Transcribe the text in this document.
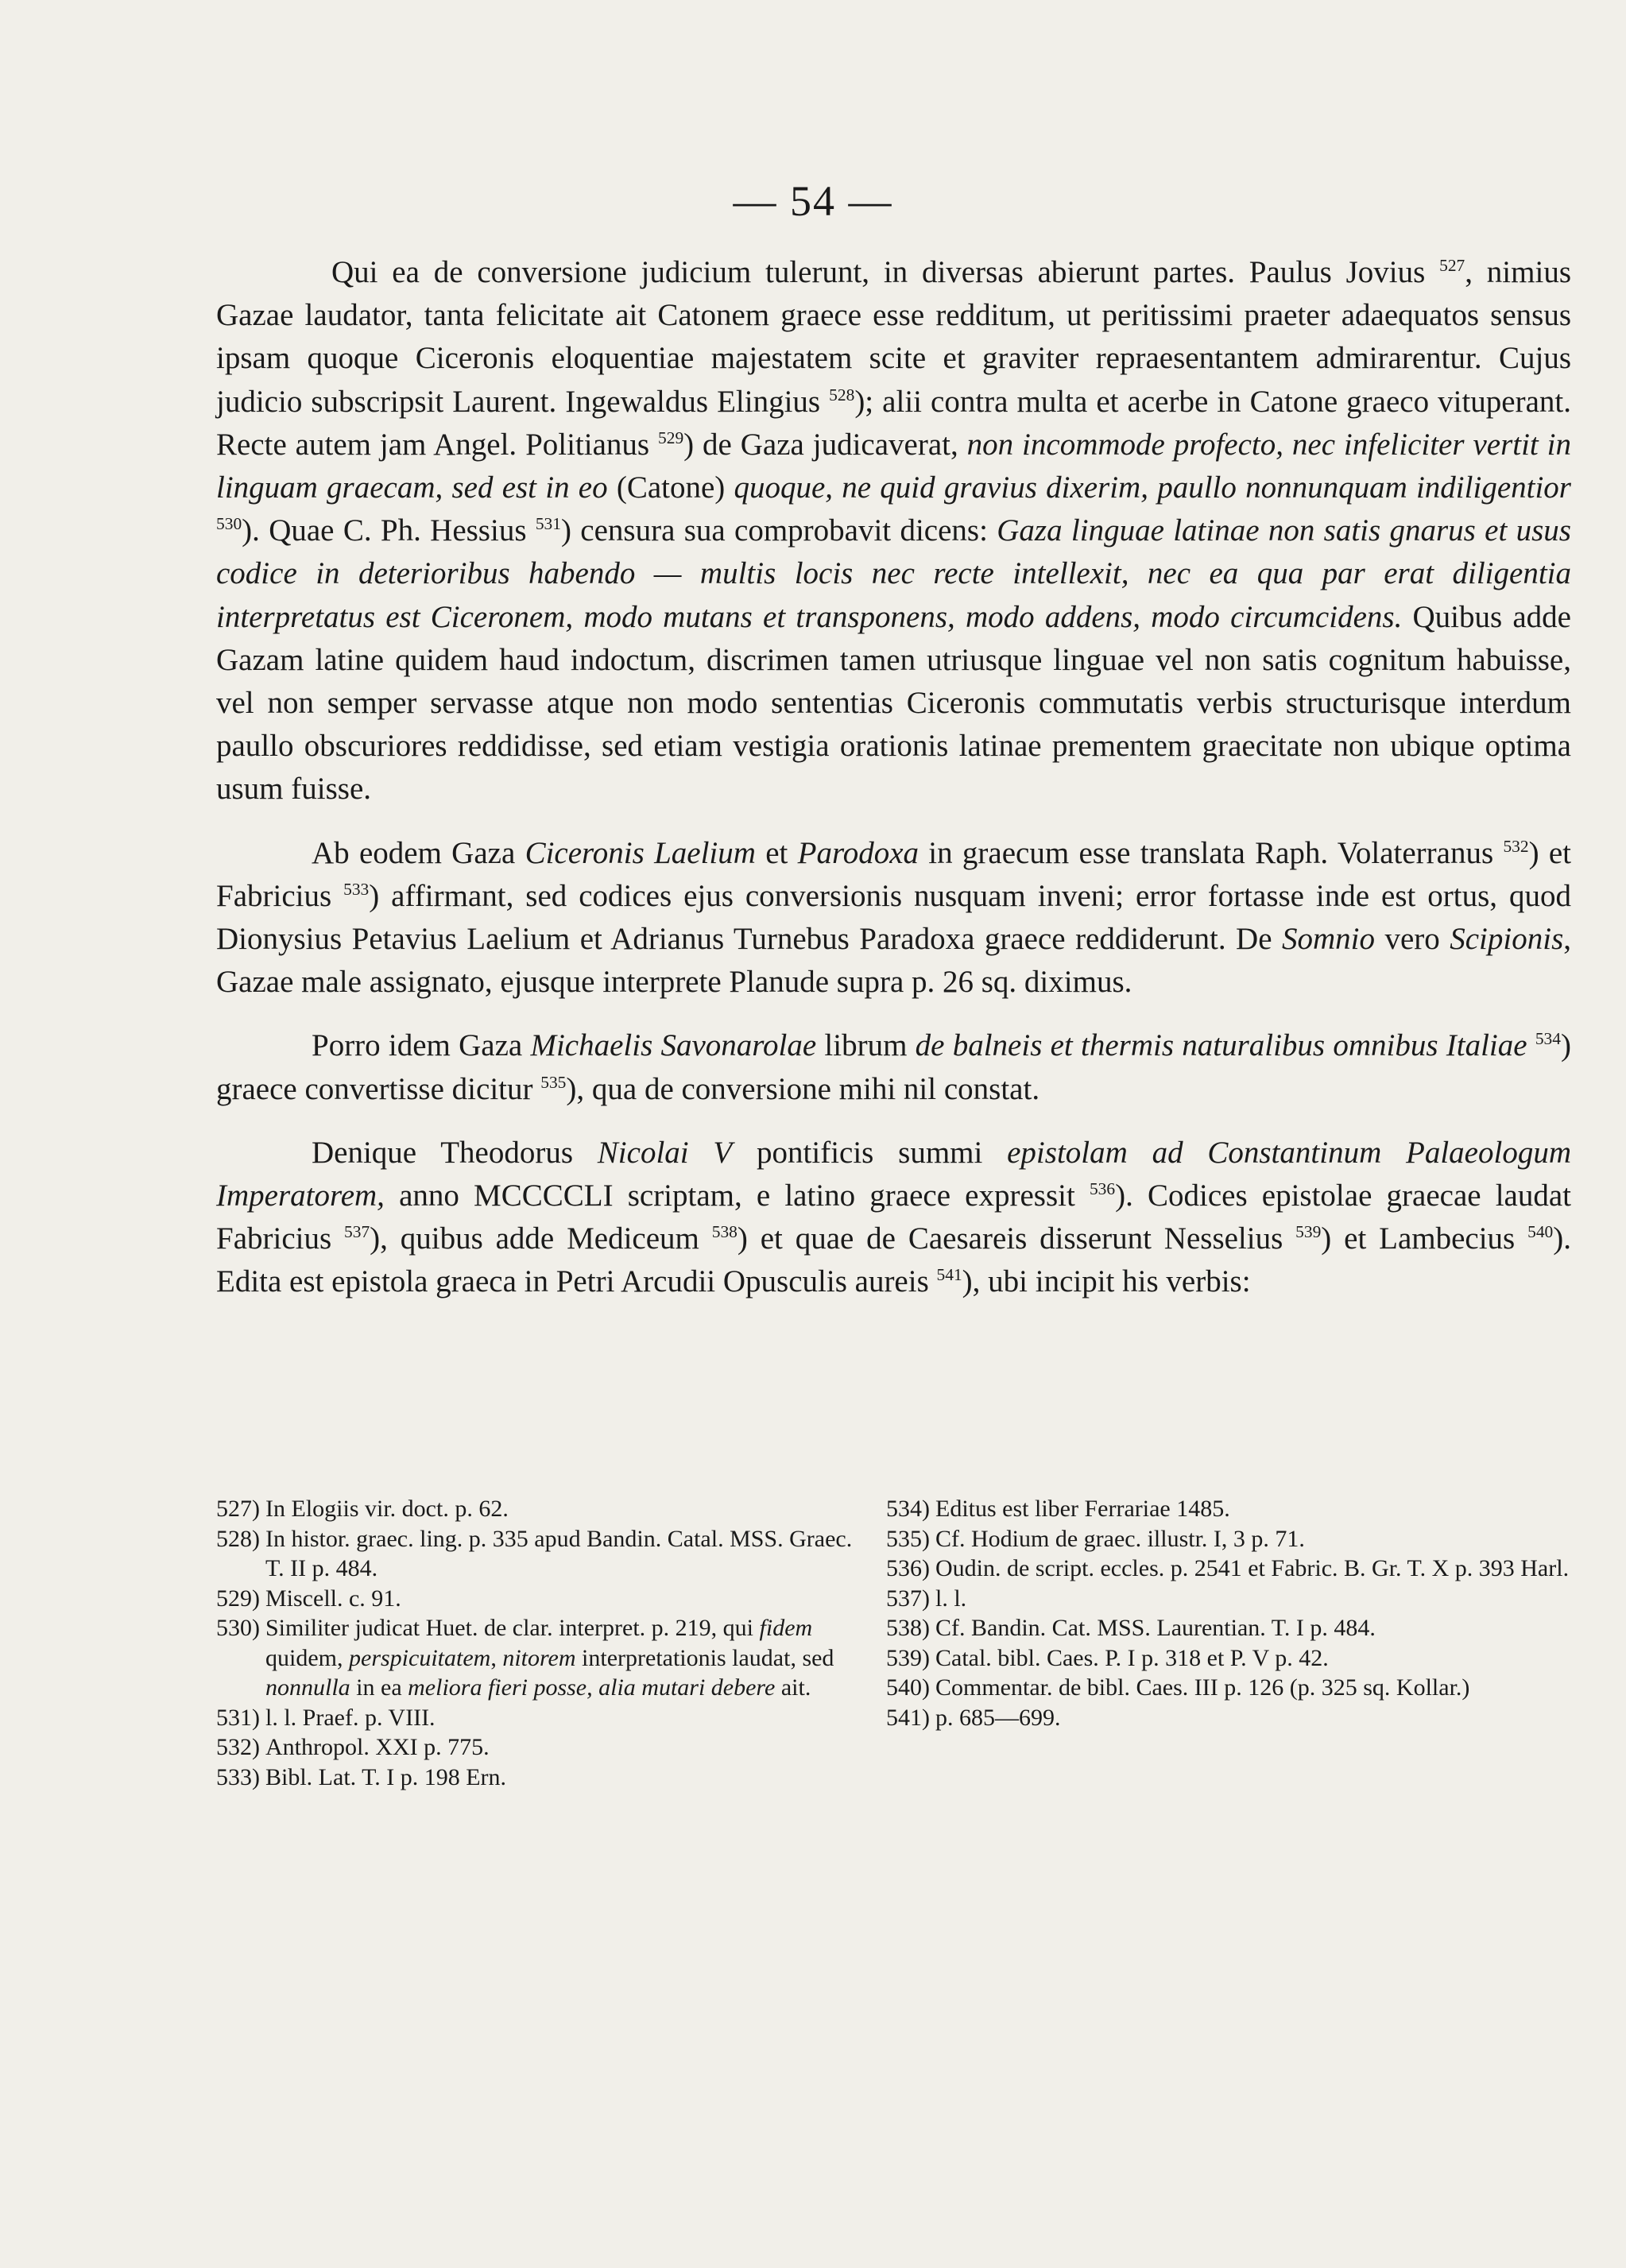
— 54 —

Qui ea de conversione judicium tulerunt, in diversas abierunt partes. Paulus Jovius $^{527}$, nimius Gazae laudator, tanta felicitate ait Catonem graece esse redditum, ut peritissimi praeter adaequatos sensus ipsam quoque Ciceronis eloquentiae majestatem scite et graviter repraesentantem admirarentur. Cujus judicio subscripsit Laurent. Ingewaldus Elingius $^{528}$); alii contra multa et acerbe in Catone graeco vituperant. Recte autem jam Angel. Politianus $^{529}$) de Gaza judicaverat, non incommode profecto, nec infeliciter vertit in linguam graecam, sed est in eo (Catone) quoque, ne quid gravius dixerim, paullo nonnunquam indiligentior $^{530}$). Quae C. Ph. Hessius $^{531}$) censura sua comprobavit dicens: Gaza linguae latinae non satis gnarus et usus codice in deterioribus habendo — multis locis nec recte intellexit, nec ea qua par erat diligentia interpretatus est Ciceronem, modo mutans et transponens, modo addens, modo circumcidens. Quibus adde Gazam latine quidem haud indoctum, discrimen tamen utriusque linguae vel non satis cognitum habuisse, vel non semper servasse atque non modo sententias Ciceronis commutatis verbis structurisque interdum paullo obscuriores reddidisse, sed etiam vestigia orationis latinae prementem graecitate non ubique optima usum fuisse.

Ab eodem Gaza Ciceronis Laelium et Parodoxa in graecum esse translata Raph. Volaterranus $^{532}$) et Fabricius $^{533}$) affirmant, sed codices ejus conversionis nusquam inveni; error fortasse inde est ortus, quod Dionysius Petavius Laelium et Adrianus Turnebus Paradoxa graece reddiderunt. De Somnio vero Scipionis, Gazae male assignato, ejusque interprete Planude supra p. 26 sq. diximus.

Porro idem Gaza Michaelis Savonarolae librum de balneis et thermis naturalibus omnibus Italiae $^{534}$) graece convertisse dicitur $^{535}$), qua de conversione mihi nil constat.

Denique Theodorus Nicolai V pontificis summi epistolam ad Constantinum Palaeologum Imperatorem, anno MCCCCLI scriptam, e latino graece expressit $^{536}$). Codices epistolae graecae laudat Fabricius $^{537}$), quibus adde Mediceum $^{538}$) et quae de Caesareis disserunt Nesselius $^{539}$) et Lambecius $^{540}$). Edita est epistola graeca in Petri Arcudii Opusculis aureis $^{541}$), ubi incipit his verbis:

527) In Elogiis vir. doct. p. 62.
528) In histor. graec. ling. p. 335 apud Bandin. Catal. MSS. Graec. T. II p. 484.
529) Miscell. c. 91.
530) Similiter judicat Huet. de clar. interpret. p. 219, qui fidem quidem, perspicuitatem, nitorem interpretationis laudat, sed nonnulla in ea meliora fieri posse, alia mutari debere ait.
531) l. l. Praef. p. VIII.
532) Anthropol. XXI p. 775.
533) Bibl. Lat. T. I p. 198 Ern.
534) Editus est liber Ferrariae 1485.
535) Cf. Hodium de graec. illustr. I, 3 p. 71.
536) Oudin. de script. eccles. p. 2541 et Fabric. B. Gr. T. X p. 393 Harl.
537) l. l.
538) Cf. Bandin. Cat. MSS. Laurentian. T. I p. 484.
539) Catal. bibl. Caes. P. I p. 318 et P. V p. 42.
540) Commentar. de bibl. Caes. III p. 126 (p. 325 sq. Kollar.)
541) p. 685—699.
